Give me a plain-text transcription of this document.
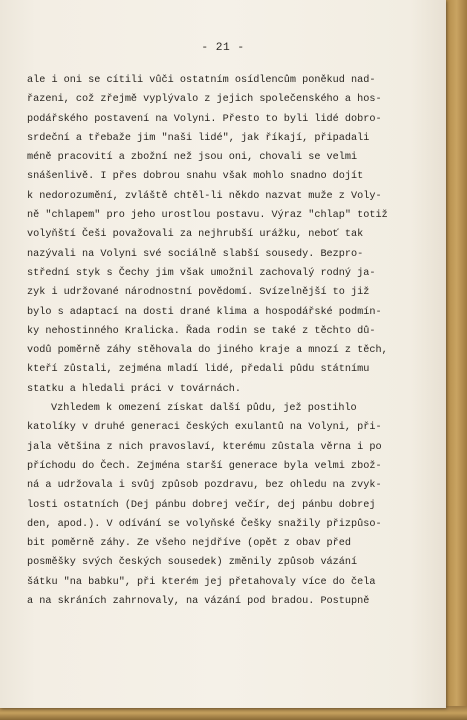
- 21 -
ale i oni se cítili vůči ostatním osídlencům poněkud nad-
řazeni, což zřejmě vyplývalo z jejich společenského a hos-
podářského postavení na Volyni. Přesto to byli lidé dobro-
srdeční a třebaže jim "naši lidé", jak říkají, připadali
méně pracovití a zbožní než jsou oni, chovali se velmi
snášenlivě. I přes dobrou snahu však mohlo snadno dojít
k nedorozumění, zvláště chtěl-li někdo nazvat muže z Voly-
ně "chlapem" pro jeho urostlou postavu. Výraz "chlap" totiž
volyňští Češi považovali za nejhrubší urážku, neboť tak
nazývali na Volyni své sociálně slabší sousedy. Bezpro-
střední styk s Čechy jim však umožnil zachovalý rodný ja-
zyk i udržované národnostní povědomí. Svízelnější to již
bylo s adaptací na dosti drané klima a hospodářské podmín-
ky nehostinného Kralicka. Řada rodin se také z těchto dů-
vodů poměrně záhy stěhovala do jiného kraje a mnozí z těch,
kteří zůstali, zejména mladí lidé, předali půdu státnímu
statku a hledali práci v továrnách.
Vzhledem k omezení získat další půdu, jež postihlo
katolíky v druhé generaci českých exulantů na Volyni, při-
jala většina z nich pravoslaví, kterému zůstala věrna i po
příchodu do Čech. Zejména starší generace byla velmi zbož-
ná a udržovala i svůj způsob pozdravu, bez ohledu na zvyk-
losti ostatních (Dej pánbu dobrej večír, dej pánbu dobrej
den, apod.). V odívání se volyňské Češky snažily přizpůso-
bit poměrně záhy. Ze všeho nejdříve (opět z obav před
posměšky svých českých sousedek) změnily způsob vázání
šátku "na babku", při kterém jej přetahovaly více do čela
a na skráních zahrnovaly, na vázání pod bradou. Postupně
